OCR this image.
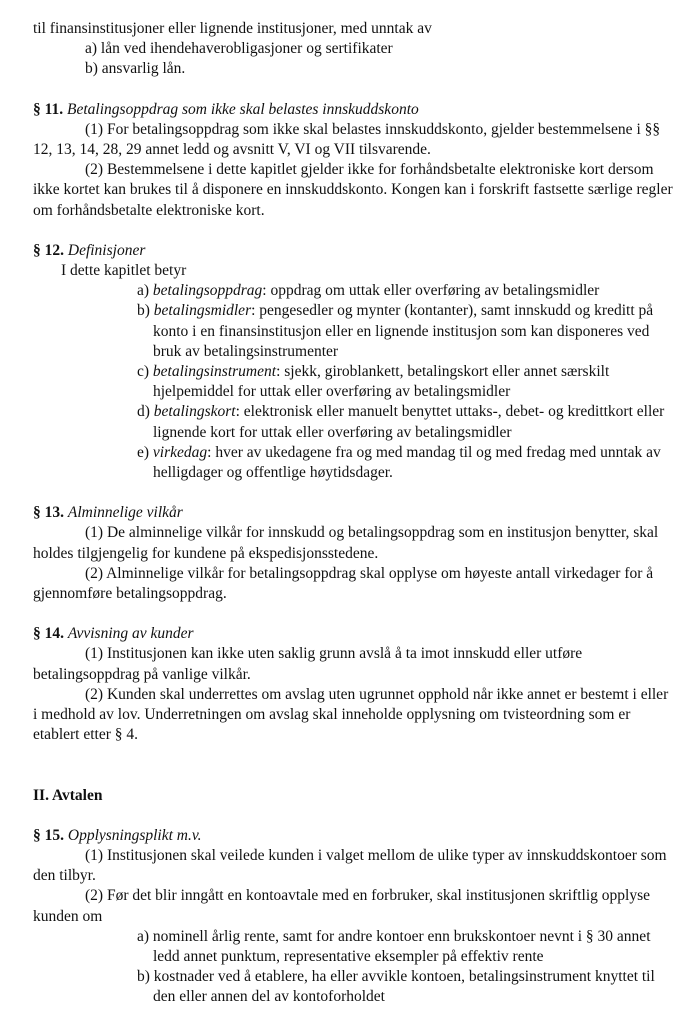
til finansinstitusjoner eller lignende institusjoner, med unntak av

a) lån ved ihendehaverobligasjoner og sertifikater

b) ansvarlig lån.

§ 11. Betalingsoppdrag som ikke skal belastes innskuddskonto

(1) For betalingsoppdrag som ikke skal belastes innskuddskonto, gjelder bestemmelsene i §§ 12, 13, 14, 28, 29 annet ledd og avsnitt V, VI og VII tilsvarende.

(2) Bestemmelsene i dette kapitlet gjelder ikke for forhåndsbetalte elektroniske kort dersom ikke kortet kan brukes til å disponere en innskuddskonto. Kongen kan i forskrift fastsette særlige regler om forhåndsbetalte elektroniske kort.

§ 12. Definisjoner

I dette kapitlet betyr

a) betalingsoppdrag: oppdrag om uttak eller overføring av betalingsmidler

b) betalingsmidler: pengesedler og mynter (kontanter), samt innskudd og kreditt på konto i en finansinstitusjon eller en lignende institusjon som kan disponeres ved bruk av betalingsinstrumenter

c) betalingsinstrument: sjekk, giroblankett, betalingskort eller annet særskilt hjelpemiddel for uttak eller overføring av betalingsmidler

d) betalingskort: elektronisk eller manuelt benyttet uttaks-, debet- og kredittkort eller lignende kort for uttak eller overføring av betalingsmidler

e) virkedag: hver av ukedagene fra og med mandag til og med fredag med unntak av helligdager og offentlige høytidsdager.

§ 13. Alminnelige vilkår

(1) De alminnelige vilkår for innskudd og betalingsoppdrag som en institusjon benytter, skal holdes tilgjengelig for kundene på ekspedisjonsstedene.

(2) Alminnelige vilkår for betalingsoppdrag skal opplyse om høyeste antall virkedager for å gjennomføre betalingsoppdrag.

§ 14. Avvisning av kunder

(1) Institusjonen kan ikke uten saklig grunn avslå å ta imot innskudd eller utføre betalingsoppdrag på vanlige vilkår.

(2) Kunden skal underrettes om avslag uten ugrunnet opphold når ikke annet er bestemt i eller i medhold av lov. Underretningen om avslag skal inneholde opplysning om tvisteordning som er etablert etter § 4.

II. Avtalen

§ 15. Opplysningsplikt m.v.

(1) Institusjonen skal veilede kunden i valget mellom de ulike typer av innskuddskontoer som den tilbyr.

(2) Før det blir inngått en kontoavtale med en forbruker, skal institusjonen skriftlig opplyse kunden om

a) nominell årlig rente, samt for andre kontoer enn brukskontoer nevnt i § 30 annet ledd annet punktum, representative eksempler på effektiv rente

b) kostnader ved å etablere, ha eller avvikle kontoen, betalingsinstrument knyttet til den eller annen del av kontoforholdet
